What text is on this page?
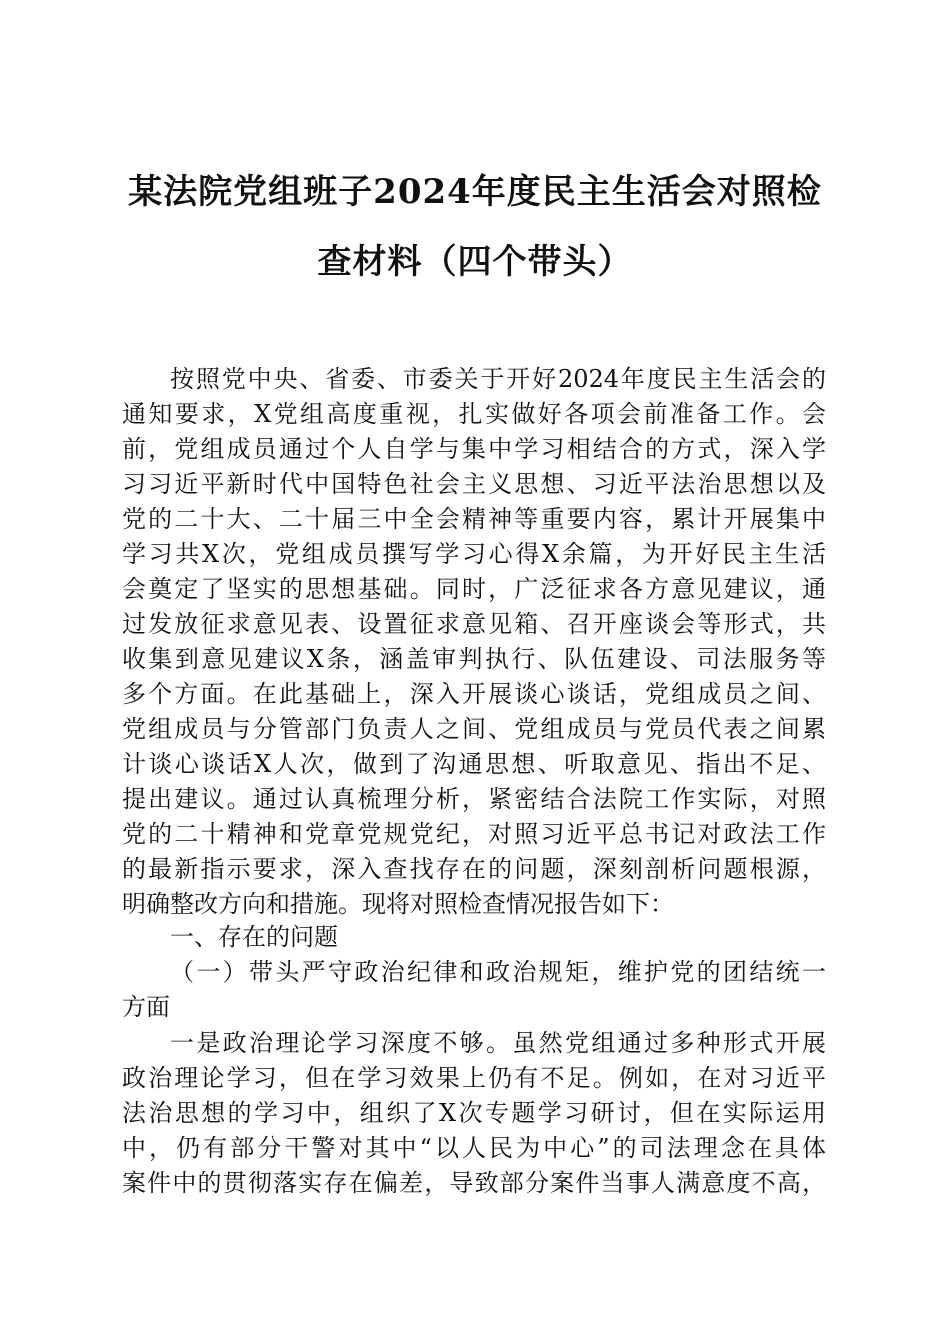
某法院党组班子2024年度民主生活会对照检
查材料（四个带头）
按照党中央、省委、市委关于开好2024年度民主生活会的
通知要求，X党组高度重视，扎实做好各项会前准备工作。会
前，党组成员通过个人自学与集中学习相结合的方式，深入学
习习近平新时代中国特色社会主义思想、习近平法治思想以及
党的二十大、二十届三中全会精神等重要内容，累计开展集中
学习共X次，党组成员撰写学习心得X余篇，为开好民主生活
会奠定了坚实的思想基础。同时，广泛征求各方意见建议，通
过发放征求意见表、设置征求意见箱、召开座谈会等形式，共
收集到意见建议X条，涵盖审判执行、队伍建设、司法服务等
多个方面。在此基础上，深入开展谈心谈话，党组成员之间、
党组成员与分管部门负责人之间、党组成员与党员代表之间累
计谈心谈话X人次，做到了沟通思想、听取意见、指出不足、
提出建议。通过认真梳理分析，紧密结合法院工作实际，对照
党的二十精神和党章党规党纪，对照习近平总书记对政法工作
的最新指示要求，深入查找存在的问题，深刻剖析问题根源，
明确整改方向和措施。现将对照检查情况报告如下：
一、存在的问题
（一）带头严守政治纪律和政治规矩，维护党的团结统一
方面
一是政治理论学习深度不够。虽然党组通过多种形式开展
政治理论学习，但在学习效果上仍有不足。例如，在对习近平
法治思想的学习中，组织了X次专题学习研讨，但在实际运用
中，仍有部分干警对其中“以人民为中心”的司法理念在具体
案件中的贯彻落实存在偏差，导致部分案件当事人满意度不高，
